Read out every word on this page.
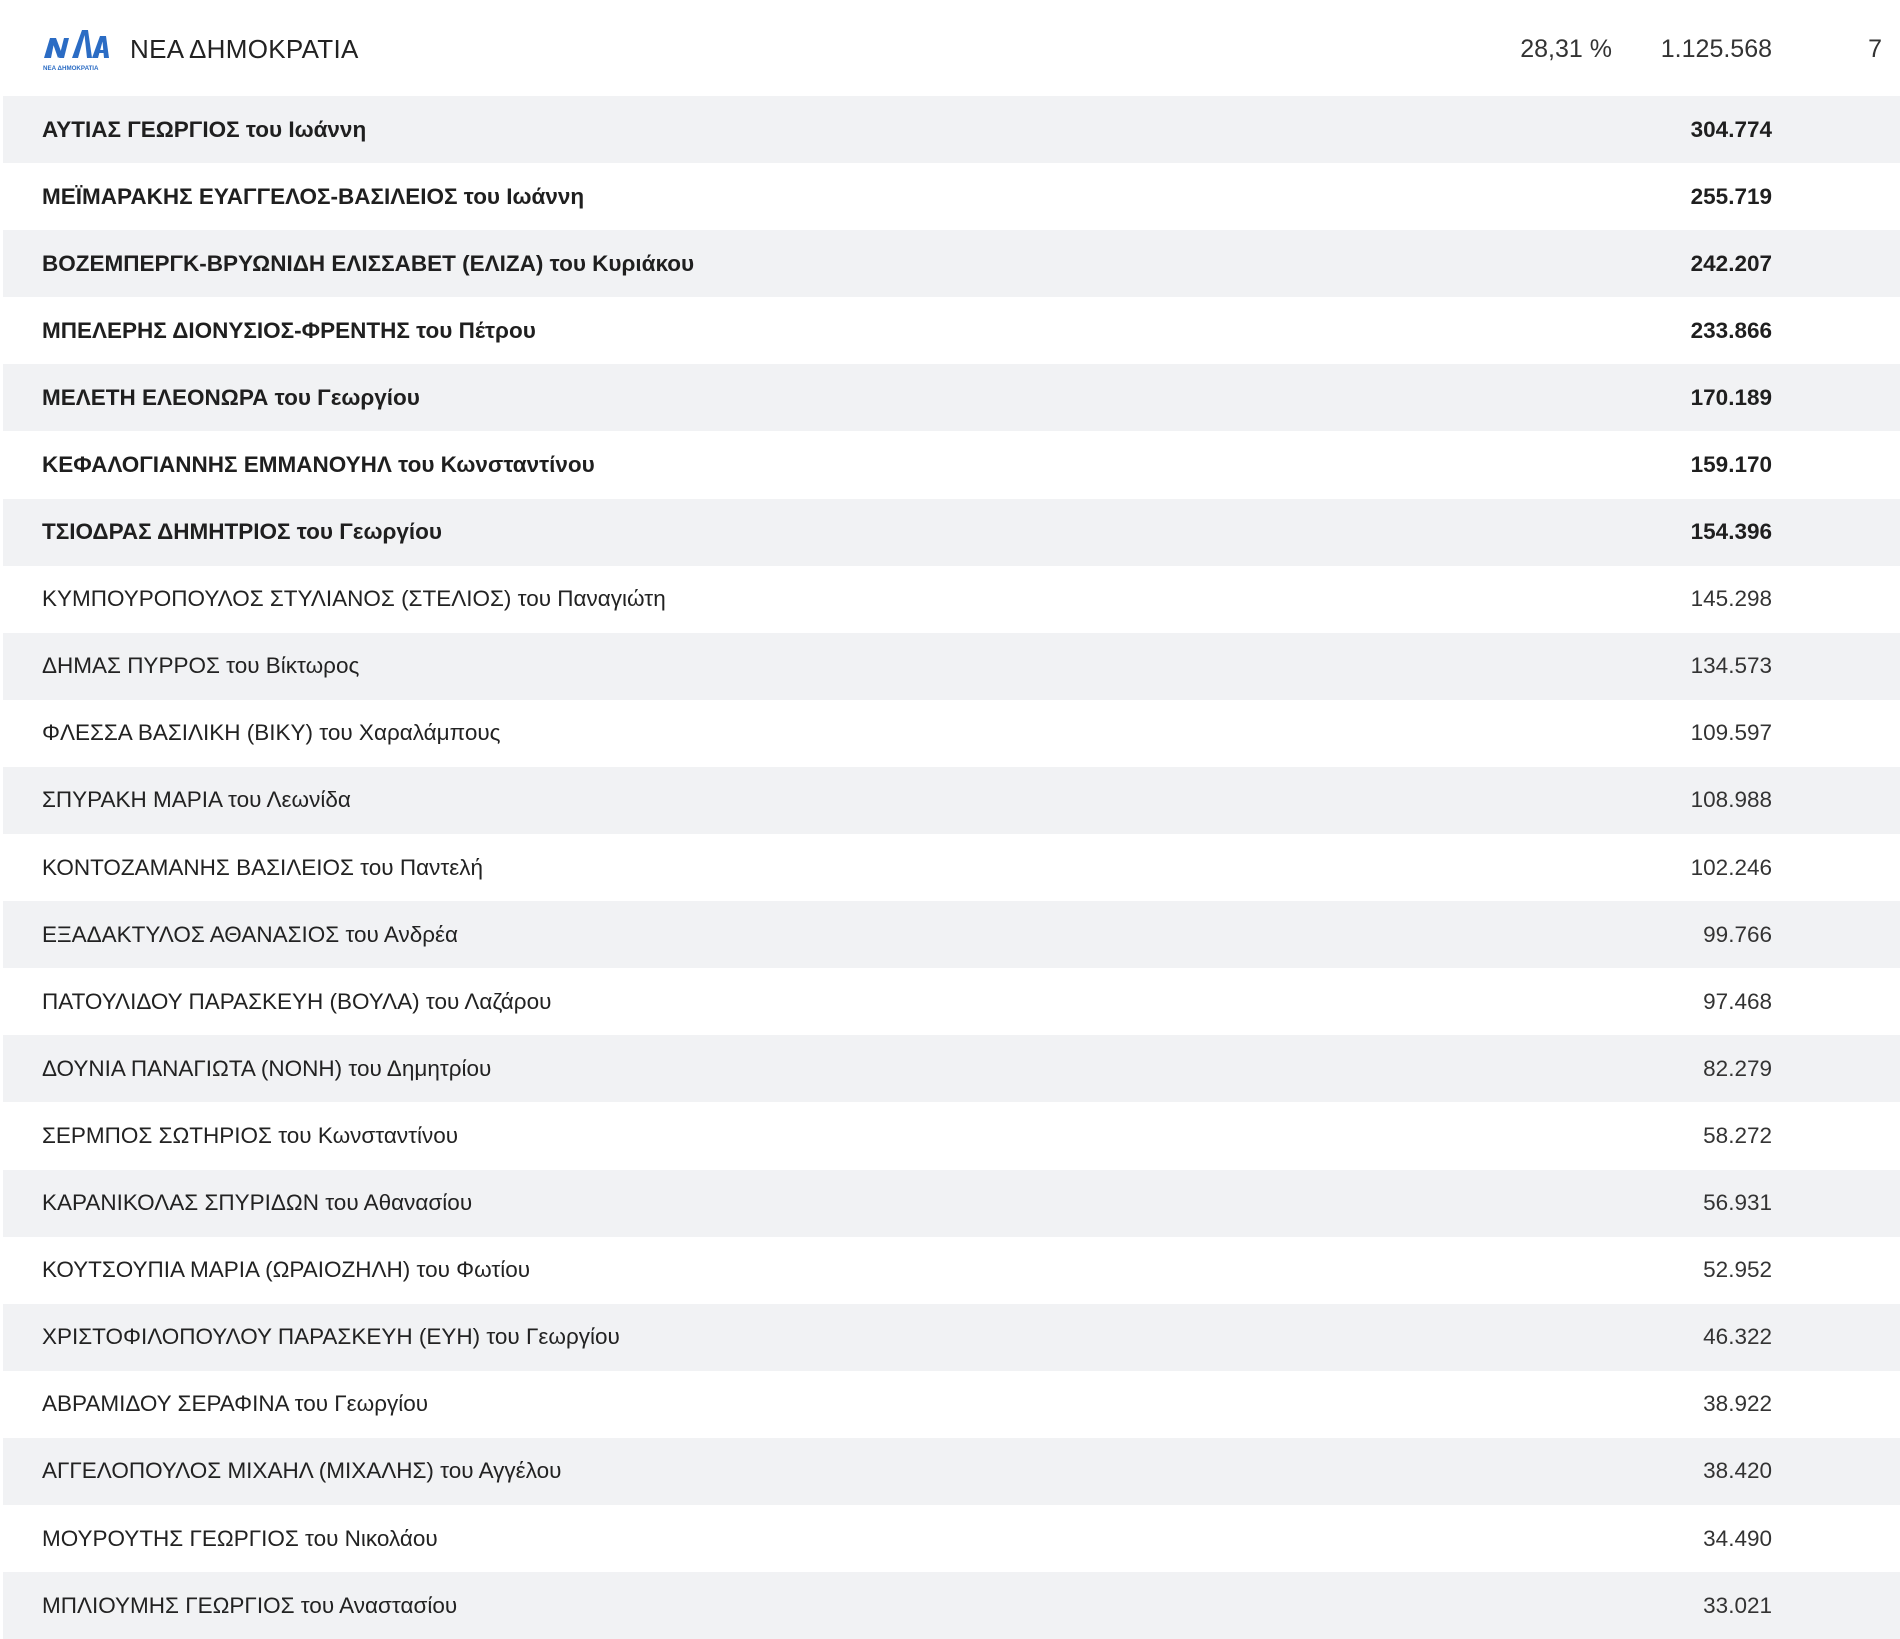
NEA ΔΗΜΟΚΡΑΤΙΑ
ΝΕΑ ΔΗΜΟΚΡΑΤΙΑ	28,31 % 1.125.568	7
ΑΥΤΙΑΣ ΓΕΩΡΓΙΟΣ του Ιωάννη	304.774
ΜΕΪΜΑΡΑΚΗΣ ΕΥΑΓΓΕΛΟΣ-ΒΑΣΙΛΕΙΟΣ του Ιωάννη	255.719
ΒΟΖΕΜΠΕΡΓΚ-ΒΡΥΩΝΙΔΗ ΕΛΙΣΣΑΒΕΤ (ΕΛΙΖΑ) του Κυριάκου	242.207
ΜΠΕΛΕΡΗΣ ΔΙΟΝΥΣΙΟΣ-ΦΡΕΝΤΗΣ του Πέτρου	233.866
ΜΕΛΕΤΗ ΕΛΕΟΝΩΡΑ του Γεωργίου	170.189
ΚΕΦΑΛΟΓΙΑΝΝΗΣ ΕΜΜΑΝΟΥΗΛ του Κωνσταντίνου	159.170
ΤΣΙΟΔΡΑΣ ΔΗΜΗΤΡΙΟΣ του Γεωργίου	154.396
ΚΥΜΠΟΥΡΟΠΟΥΛΟΣ ΣΤΥΛΙΑΝΟΣ (ΣΤΕΛΙΟΣ) του Παναγιώτη	145.298
ΔΗΜΑΣ ΠΥΡΡΟΣ του Βίκτωρος	134.573
ΦΛΕΣΣΑ ΒΑΣΙΛΙΚΗ (ΒΙΚΥ) του Χαραλάμπους	109.597
ΣΠΥΡΑΚΗ ΜΑΡΙΑ του Λεωνίδα	108.988
ΚΟΝΤΟΖΑΜΑΝΗΣ ΒΑΣΙΛΕΙΟΣ του Παντελή	102.246
ΕΞΑΔΑΚΤΥΛΟΣ ΑΘΑΝΑΣΙΟΣ του Ανδρέα	99.766
ΠΑΤΟΥΛΙΔΟΥ ΠΑΡΑΣΚΕΥΗ (ΒΟΥΛΑ) του Λαζάρου	97.468
ΔΟΥΝΙΑ ΠΑΝΑΓΙΩΤΑ (ΝΟΝΗ) του Δημητρίου	82.279
ΣΕΡΜΠΟΣ ΣΩΤΗΡΙΟΣ του Κωνσταντίνου	58.272
ΚΑΡΑΝΙΚΟΛΑΣ ΣΠΥΡΙΔΩΝ του Αθανασίου	56.931
ΚΟΥΤΣΟΥΠΙΑ ΜΑΡΙΑ (ΩΡΑΙΟΖΗΛΗ) του Φωτίου	52.952
ΧΡΙΣΤΟΦΙΛΟΠΟΥΛΟΥ ΠΑΡΑΣΚΕΥΗ (ΕΥΗ) του Γεωργίου	46.322
ΑΒΡΑΜΙΔΟΥ ΣΕΡΑΦΙΝΑ του Γεωργίου	38.922
ΑΓΓΕΛΟΠΟΥΛΟΣ ΜΙΧΑΗΛ (ΜΙΧΑΛΗΣ) του Αγγέλου	38.420
ΜΟΥΡΟΥΤΗΣ ΓΕΩΡΓΙΟΣ του Νικολάου	34.490
ΜΠΛΙΟΥΜΗΣ ΓΕΩΡΓΙΟΣ του Αναστασίου	33.021
